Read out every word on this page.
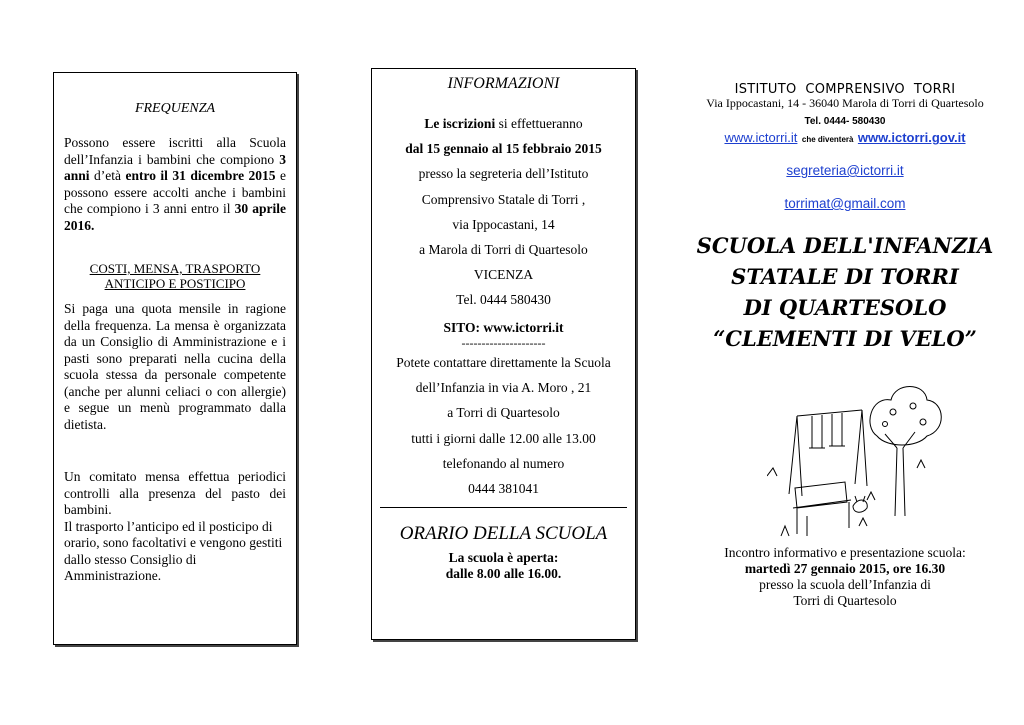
FREQUENZA
Possono essere iscritti alla Scuola dell’Infanzia i bambini che compiono 3 anni d’età entro il 31 dicembre 2015 e possono essere accolti anche i bambini che compiono i 3 anni entro il 30 aprile 2016.
COSTI, MENSA, TRASPORTO
ANTICIPO E POSTICIPO
Si paga una quota mensile in ragione della frequenza. La mensa è organizzata da un Consiglio di Amministrazione e i pasti sono preparati nella cucina della scuola stessa da personale competente (anche per alunni celiaci o con allergie) e segue un menù programmato dalla dietista.
Un comitato mensa effettua periodici controlli alla presenza del pasto dei bambini.
Il trasporto l’anticipo ed il posticipo di orario, sono facoltativi e vengono gestiti dallo stesso Consiglio di Amministrazione.
INFORMAZIONI
Le iscrizioni si effettueranno
dal 15 gennaio al 15 febbraio 2015
presso la segreteria dell’Istituto
Comprensivo Statale di Torri ,
via Ippocastani, 14
a Marola di Torri di Quartesolo
VICENZA
Tel. 0444 580430
SITO: www.ictorri.it
---------------------
Potete contattare direttamente la Scuola
dell’Infanzia in via A. Moro , 21
a Torri di Quartesolo
tutti i giorni dalle 12.00 alle 13.00
telefonando al numero
0444 381041
ORARIO DELLA SCUOLA
La scuola è aperta:
dalle 8.00 alle 16.00.
ISTITUTO  COMPRENSIVO  TORRI
Via Ippocastani, 14 - 36040 Marola di Torri di Quartesolo
Tel. 0444- 580430
www.ictorri.it che diventerà www.ictorri.gov.it
segreteria@ictorri.it
torrimat@gmail.com
SCUOLA DELL'INFANZIA
STATALE DI TORRI
DI QUARTESOLO
“CLEMENTI DI VELO”
Incontro informativo e presentazione scuola:
martedì 27 gennaio 2015, ore 16.30
presso la scuola dell’Infanzia di
Torri di Quartesolo
